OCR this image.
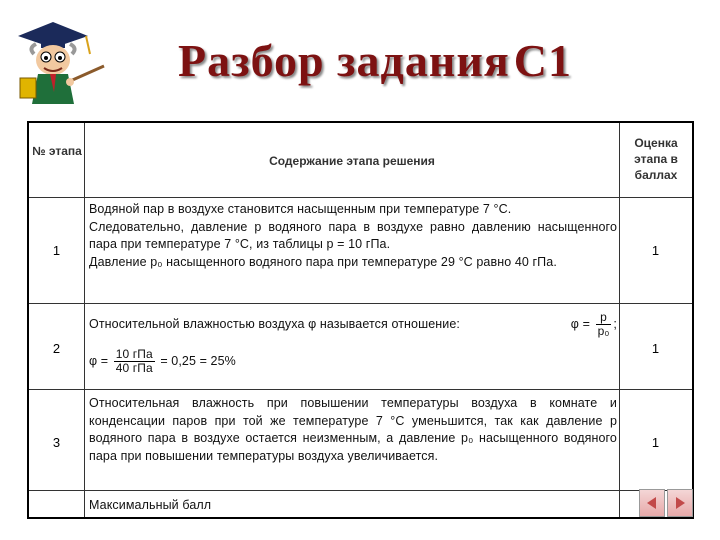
Разбор заданияС1
№ этапа
Содержание этапа решения
Оценка этапа в баллах
1
Водяной пар в воздухе становится насыщенным при температуре 7 °С.
Следовательно, давление p водяного пара в воздухе равно давлению насыщенного пара при температуре 7 °С, из таблицы p = 10 гПа.
Давление p₀ насыщенного водяного пара при температуре 29 °С равно 40 гПа.
1
2
Относительной влажностью воздуха φ называется отношение:	$\varphi = \frac{p}{\text{p₀}}$ ;
$\varphi = \frac{\text{10 гПа}}{\text{40 гПа}} = 0,25 = 25\%$
1
3
Относительная влажность при повышении температуры воздуха в комнате и конденсации паров при той же температуре 7 °С уменьшится, так как давление p водяного пара в воздухе остается неизменным, а давление p₀ насыщенного водяного пара при повышении температуры воздуха увеличивается.
1
Максимальный балл
